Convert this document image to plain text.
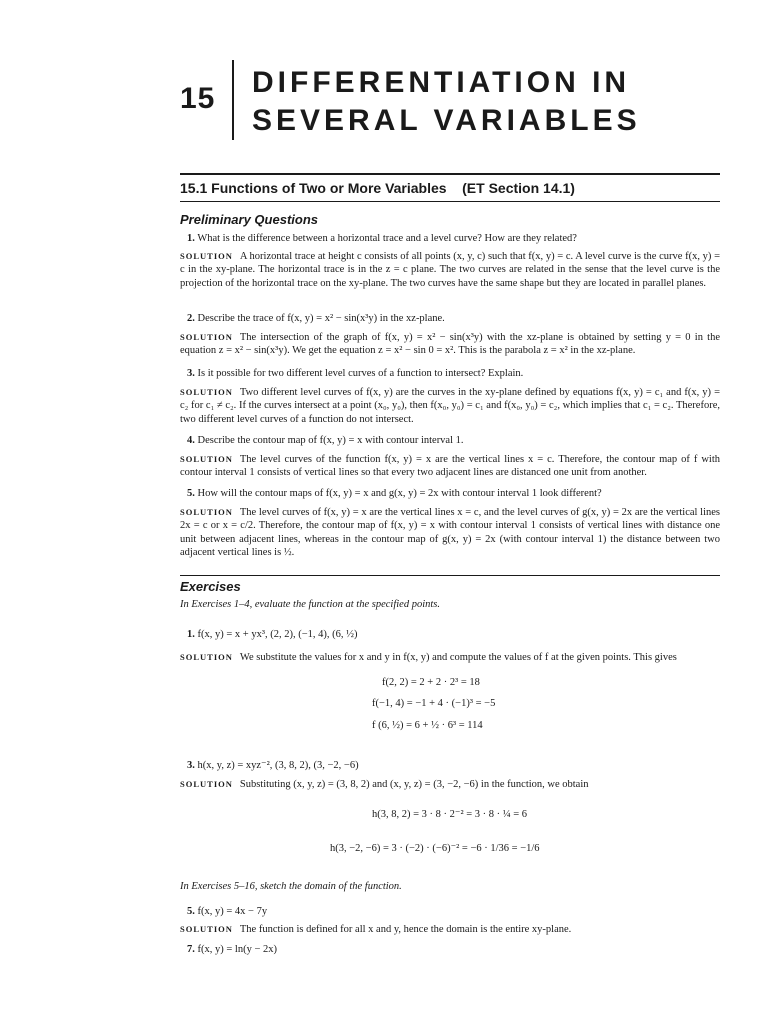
15 DIFFERENTIATION IN
SEVERAL VARIABLES
15.1 Functions of Two or More Variables (ET Section 14.1)
Preliminary Questions
1. What is the difference between a horizontal trace and a level curve? How are they related?
SOLUTION A horizontal trace at height c consists of all points (x, y, c) such that f(x, y) = c. A level curve is the curve f(x, y) = c in the xy-plane. The horizontal trace is in the z = c plane. The two curves are related in the sense that the level curve is the projection of the horizontal trace on the xy-plane. The two curves have the same shape but they are located in parallel planes.
2. Describe the trace of f(x, y) = x² − sin(x³y) in the xz-plane.
SOLUTION The intersection of the graph of f(x, y) = x² − sin(x³y) with the xz-plane is obtained by setting y = 0 in the equation z = x² − sin(x³y). We get the equation z = x² − sin 0 = x². This is the parabola z = x² in the xz-plane.
3. Is it possible for two different level curves of a function to intersect? Explain.
SOLUTION Two different level curves of f(x, y) are the curves in the xy-plane defined by equations f(x, y) = c₁ and f(x, y) = c₂ for c₁ ≠ c₂. If the curves intersect at a point (x₀, y₀), then f(x₀, y₀) = c₁ and f(x₀, y₀) = c₂, which implies that c₁ = c₂. Therefore, two different level curves of a function do not intersect.
4. Describe the contour map of f(x, y) = x with contour interval 1.
SOLUTION The level curves of the function f(x, y) = x are the vertical lines x = c. Therefore, the contour map of f with contour interval 1 consists of vertical lines so that every two adjacent lines are distanced one unit from another.
5. How will the contour maps of f(x, y) = x and g(x, y) = 2x with contour interval 1 look different?
SOLUTION The level curves of f(x, y) = x are the vertical lines x = c, and the level curves of g(x, y) = 2x are the vertical lines 2x = c or x = c/2. Therefore, the contour map of f(x, y) = x with contour interval 1 consists of vertical lines with distance one unit between adjacent lines, whereas in the contour map of g(x, y) = 2x (with contour interval 1) the distance between two adjacent vertical lines is ½.
Exercises
In Exercises 1–4, evaluate the function at the specified points.
1. f(x, y) = x + yx³, (2, 2), (−1, 4), (6, ½)
SOLUTION We substitute the values for x and y in f(x, y) and compute the values of f at the given points. This gives
f(2, 2) = 2 + 2 · 2³ = 18
f(−1, 4) = −1 + 4 · (−1)³ = −5
f (6, ½) = 6 + ½ · 6³ = 114
3. h(x, y, z) = xyz⁻², (3, 8, 2), (3, −2, −6)
SOLUTION Substituting (x, y, z) = (3, 8, 2) and (x, y, z) = (3, −2, −6) in the function, we obtain
h(3, 8, 2) = 3 · 8 · 2⁻² = 3 · 8 · ¼ = 6
h(3, −2, −6) = 3 · (−2) · (−6)⁻² = −6 · 1/36 = −1/6
In Exercises 5–16, sketch the domain of the function.
5. f(x, y) = 4x − 7y
SOLUTION The function is defined for all x and y, hence the domain is the entire xy-plane.
7. f(x, y) = ln(y − 2x)
